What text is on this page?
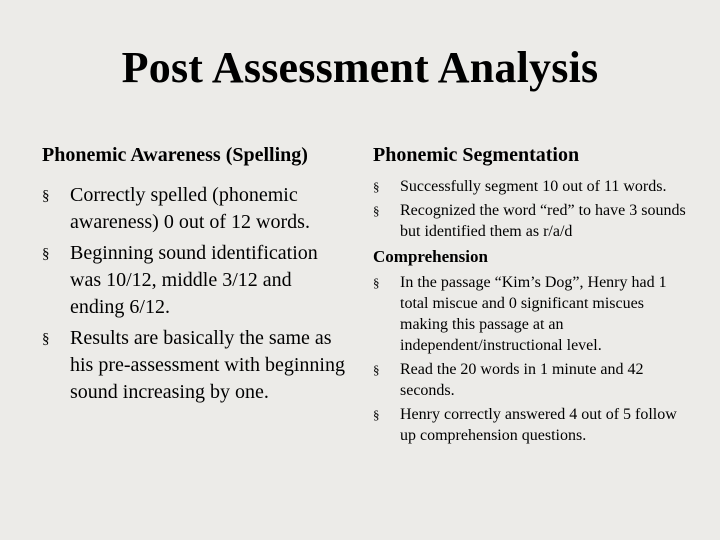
Post Assessment Analysis
Phonemic Awareness (Spelling)
§ Correctly spelled (phonemic awareness) 0 out of 12 words.
§ Beginning sound identification was 10/12, middle 3/12 and ending 6/12.
§ Results are basically the same as his pre-assessment with beginning sound increasing by one.
Phonemic Segmentation
§ Successfully segment 10 out of 11 words.
§ Recognized the word “red” to have 3 sounds but identified them as r/a/d
Comprehension
§ In the passage “Kim’s Dog”, Henry had 1 total miscue and 0 significant miscues making this passage at an independent/instructional level.
§ Read the 20 words in 1 minute and 42 seconds.
§ Henry correctly answered 4 out of 5 follow up comprehension questions.
